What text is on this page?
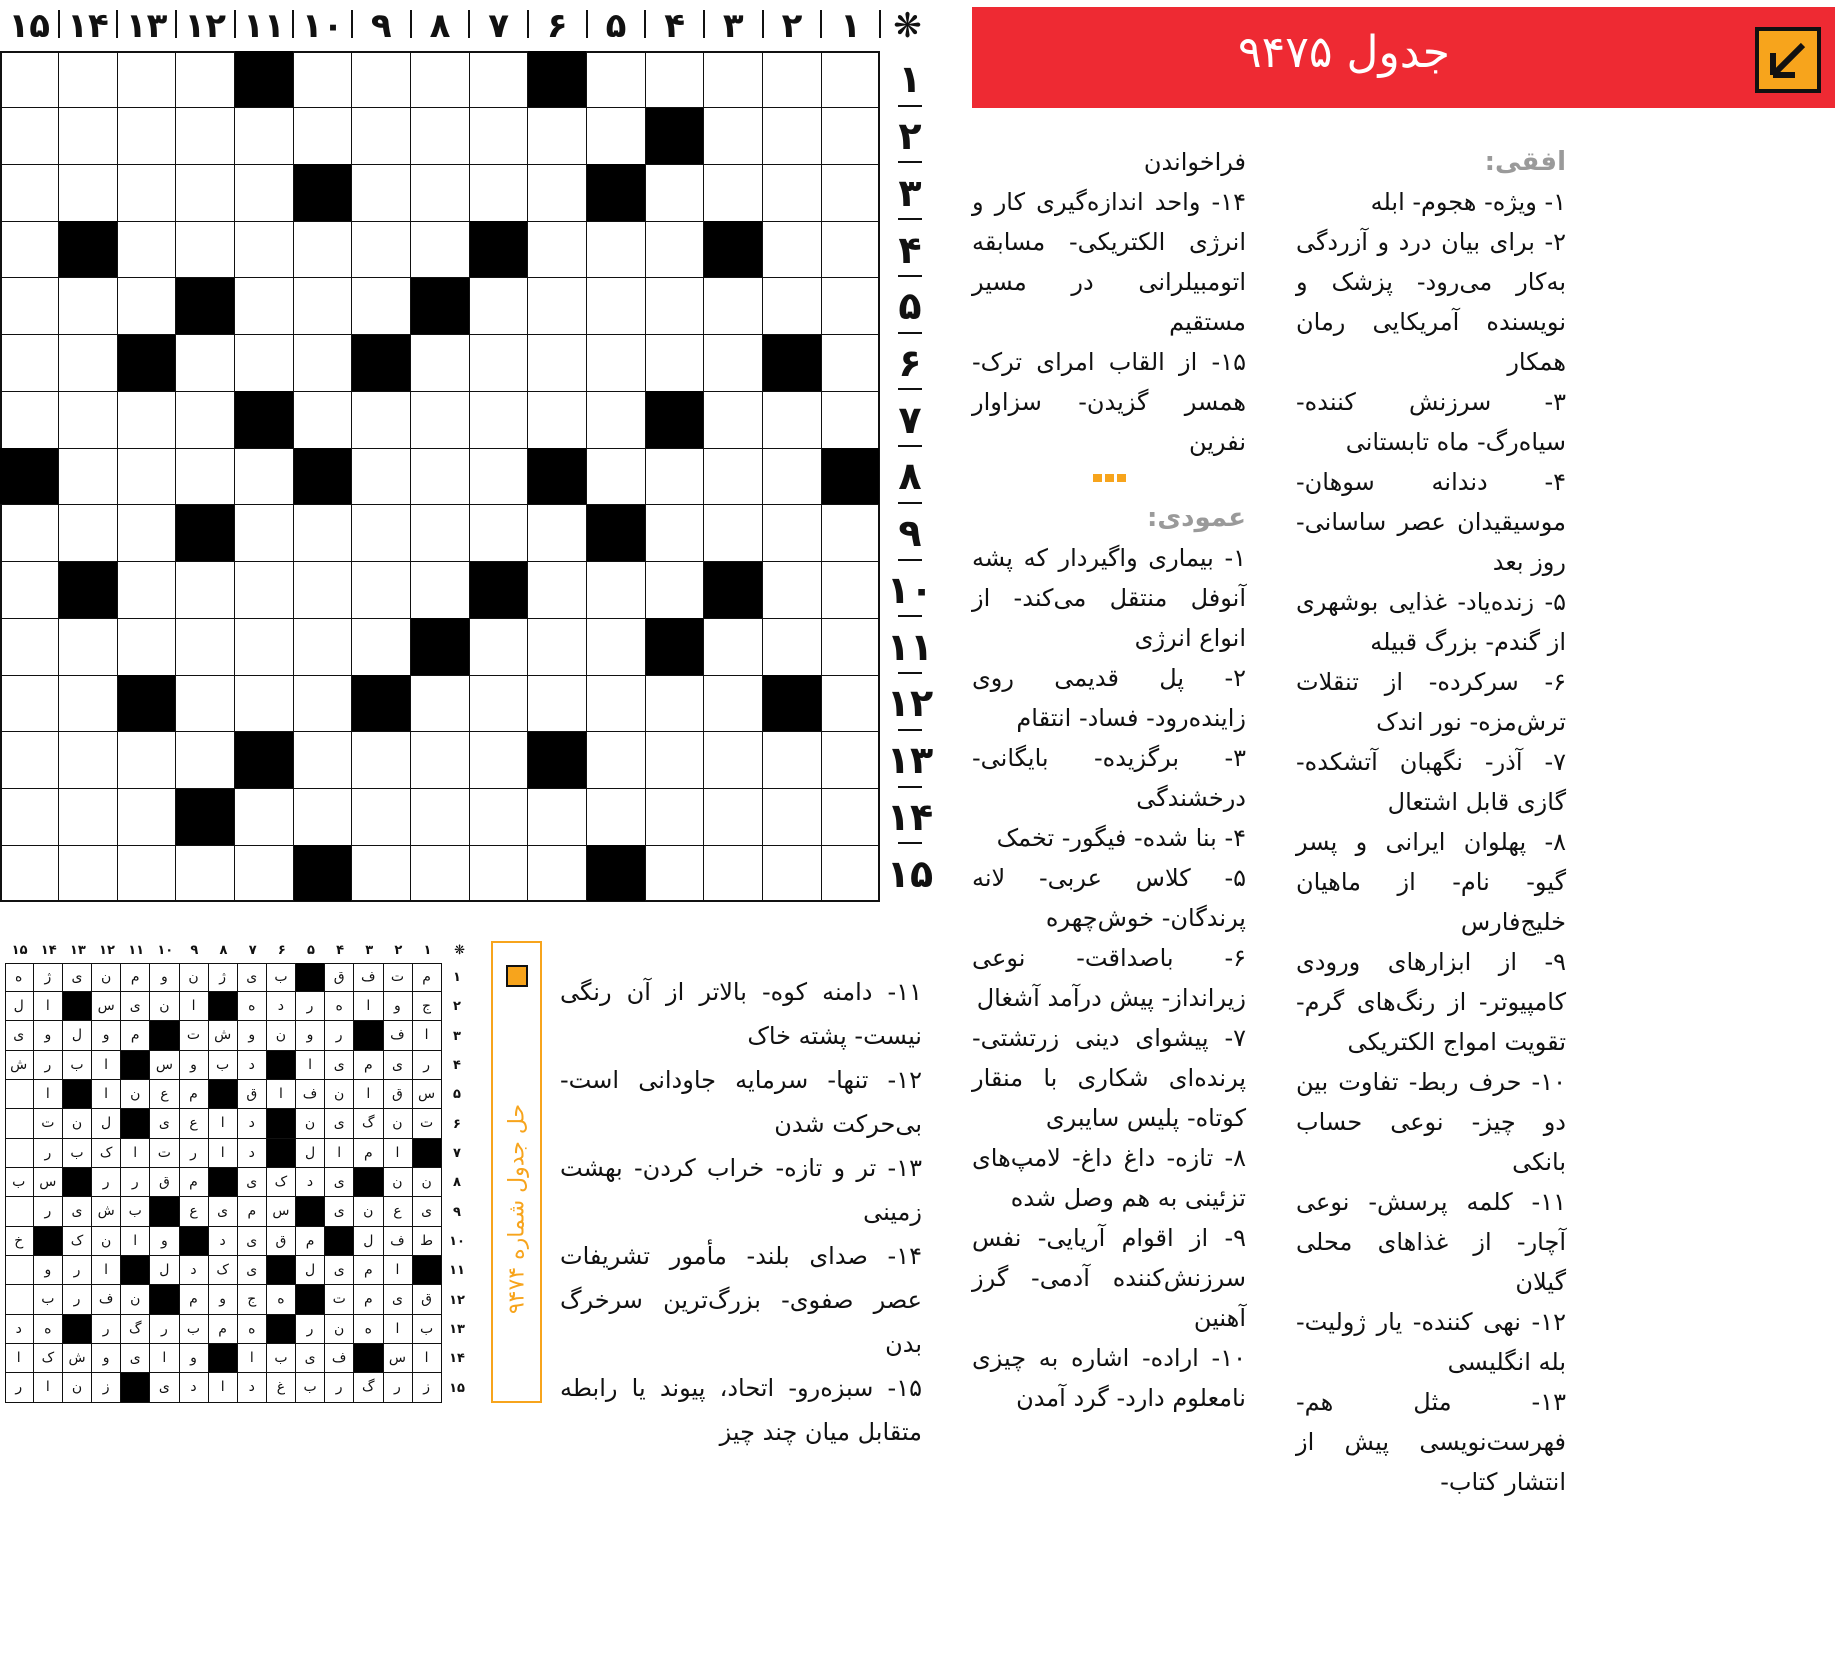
۱
۲
۳
۴
۵
۶
۷
۸
۹
۱۰
۱۱
۱۲
۱۳
۱۴
۱۵	❋
جدول ۹۴۷۵
افقی:

۱- ویژه- هجوم- ابله

۲- برای بیان درد و آزردگی به‌کار می‌رود- پزشک و نویسنده آمریکایی رمان همکار

۳- سرزنش کننده- سیاه‌رگ- ماه تابستانی

۴- دندانه سوهان- موسیقیدان عصر ساسانی- روز بعد

۵- زنده‌یاد- غذایی بوشهری از گندم- بزرگ قبیله

۶- سرکرده- از تنقلات ترش‌مزه- نور اندک

۷- آذر- نگهبان آتشکده- گازی قابل اشتعال

۸- پهلوان ایرانی و پسر گیو- نام- از ماهیان خلیج‌فارس

۹- از ابزارهای ورودی کامپیوتر- از رنگ‌های گرم- تقویت امواج الکتریکی

۱۰- حرف ربط- تفاوت بین دو چیز- نوعی حساب بانکی

۱۱- کلمه پرسش- نوعی آچار- از غذاهای محلی گیلان

۱۲- نهی کننده- یار ژولیت- بله انگلیسی

۱۳- مثل هم- فهرست‌نویسی پیش از انتشار کتاب-

فراخواندن

۱۴- واحد اندازه‌گیری کار و انرژی الکتریکی- مسابقه اتومبیلرانی در مسیر مستقیم

۱۵- از القاب امرای ترک- همسر گزیدن- سزاوار نفرین

عمودی:

۱- بیماری واگیردار که پشه آنوفل منتقل می‌کند- از انواع انرژی

۲- پل قدیمی روی زاینده‌رود- فساد- انتقام

۳- برگزیده- بایگانی- درخشندگی

۴- بنا شده- فیگور- تخمک

۵- کلاس عربی- لانه پرندگان- خوش‌چهره

۶- باصداقت- نوعی زیرانداز- پیش درآمد آشغال

۷- پیشوای دینی زرتشتی- پرنده‌ای شکاری با منقار کوتاه- پلیس سایبری

۸- تازه- داغ داغ- لامپ‌های تزئینی به هم وصل شده

۹- از اقوام آریایی- نفس سرزنش‌کننده آدمی- گرز آهنین

۱۰- اراده- اشاره به چیزی نامعلوم دارد- گرد آمدن

۱۱- دامنه کوه- بالاتر از آن رنگی نیست- پشته خاک

۱۲- تنها- سرمایه جاودانی است- بی‌حرکت شدن

۱۳- تر و تازه- خراب کردن- بهشت زمینی

۱۴- صدای بلند- مأمور تشریفات عصر صفوی- بزرگ‌ترین سرخرگ بدن

۱۵- سبزه‌رو- اتحاد، پیوند یا رابطه متقابل میان چند چیز

۱
۲
۳
۴
۵
۶
۷
۸
۹
۱۰
۱۱
۱۲
۱۳
۱۴
۱۵	❋
م
ت
ف
ق
ب
ی
ژ
ن
و
م
ن
ی
ژ
ه
ج
و
ا
ه
ر
د
ه
ا
ن
ی
س
ا
ل
ا
ف
ر
و
ن
و
ش
ت
م
و
ل
و
ی
ر
ی
م
ی
ا
د
ب
و
س
ا
ب
ر
ش
س
ق
ا
ن
ف
ا
ق
م
ع
ن
ا
ا
ت
ن
گ
ی
ن
د
ا
ع
ی
ل
ن
ت
ا
م
ا
ل
د
ا
ر
ت
ا
ک
ب
ر
ن
ن
ی
د
ک
ی
م
ق
ر
ر
س
ب
ی
ع
ن
ی
س
م
ی
ع
ب
ش
ی
ر
ط
ف
ل
م
ق
ی
د
و
ا
ن
ک
خ
ا
م
ی
ل
ی
ک
د
ل
ا
ر
و
ق
ی
م
ت
ه
ج
و
م
ن
ف
ر
ب
ب
ا
ه
ن
ر
ه
م
ب
ر
گ
ر
ه
د
ا
س
ف
ی
ب
ا
و
ا
ی
و
ش
ک
ا
ز
ر
گ
ر
ب
غ
د
ا
د
ی
ز
ن
ا
ر
حل جدول شماره ۹۴۷۴
۱
۲
۳
۴
۵
۶
۷
۸
۹
۱۰
۱۱
۱۲
۱۳
۱۴
۱۵
۱
۲
۳
۴
۵
۶
۷
۸
۹
۱۰
۱۱
۱۲
۱۳
۱۴
۱۵
